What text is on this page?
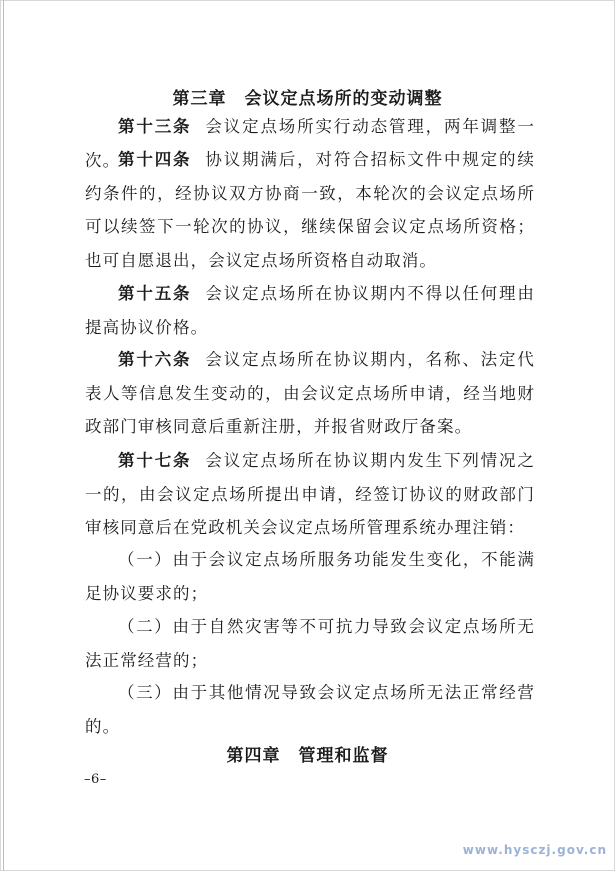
第三章 会议定点场所的变动调整
第十三条 会议定点场所实行动态管理，两年调整一次。
第十四条 协议期满后，对符合招标文件中规定的续约条件的，经协议双方协商一致，本轮次的会议定点场所可以续签下一轮次的协议，继续保留会议定点场所资格；也可自愿退出，会议定点场所资格自动取消。
第十五条 会议定点场所在协议期内不得以任何理由提高协议价格。
第十六条 会议定点场所在协议期内，名称、法定代表人等信息发生变动的，由会议定点场所申请，经当地财政部门审核同意后重新注册，并报省财政厅备案。
第十七条 会议定点场所在协议期内发生下列情况之一的，由会议定点场所提出申请，经签订协议的财政部门审核同意后在党政机关会议定点场所管理系统办理注销：
（一）由于会议定点场所服务功能发生变化，不能满足协议要求的；
（二）由于自然灾害等不可抗力导致会议定点场所无法正常经营的；
（三）由于其他情况导致会议定点场所无法正常经营的。
第四章 管理和监督
–6–
www.hysczj.gov.cn
